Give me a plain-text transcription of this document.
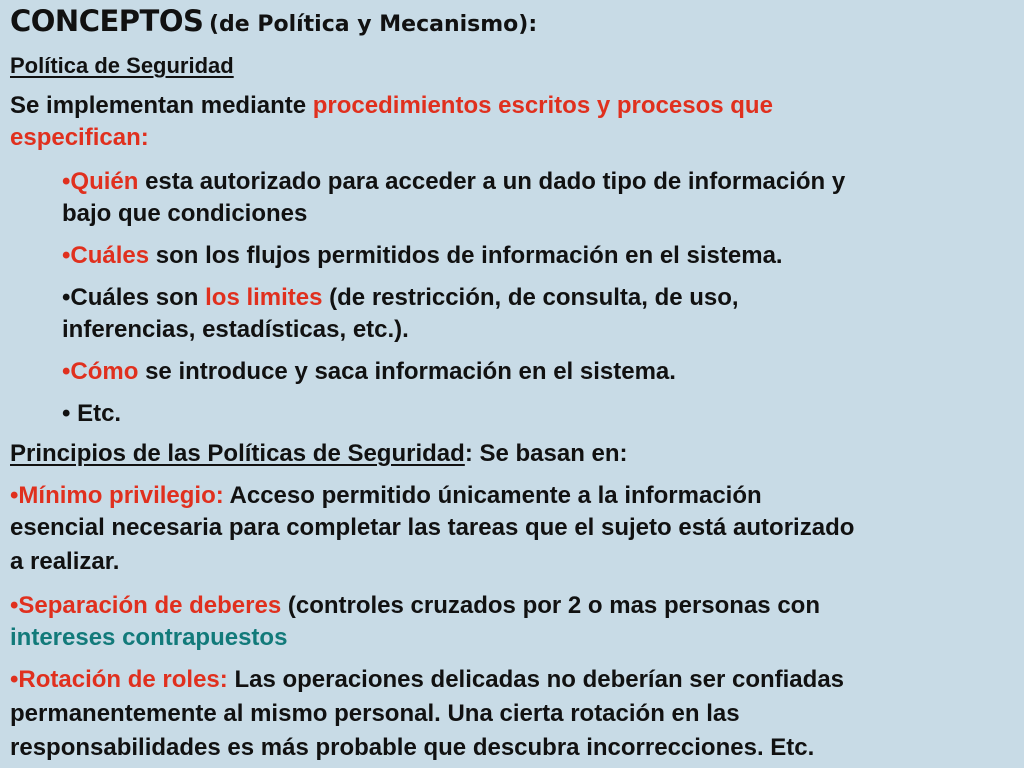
CONCEPTOS (de Política y Mecanismo):
Política de Seguridad
Se implementan mediante procedimientos escritos y procesos que
especifican:
•Quién esta autorizado para acceder a un dado tipo de información y
bajo que condiciones
•Cuáles son los flujos permitidos de información en el sistema.
•Cuáles son los limites (de restricción, de consulta, de uso,
inferencias, estadísticas, etc.).
•Cómo se introduce y saca información en el sistema.
• Etc.
Principios de las Políticas de Seguridad: Se basan en:
•Mínimo privilegio: Acceso permitido únicamente a la información
esencial necesaria para completar las tareas que el sujeto está autorizado
a realizar.
•Separación de deberes (controles cruzados por 2 o mas personas con
intereses contrapuestos
•Rotación de roles: Las operaciones delicadas no deberían ser confiadas
permanentemente al mismo personal. Una cierta rotación en las
responsabilidades es más probable que descubra incorrecciones. Etc.
